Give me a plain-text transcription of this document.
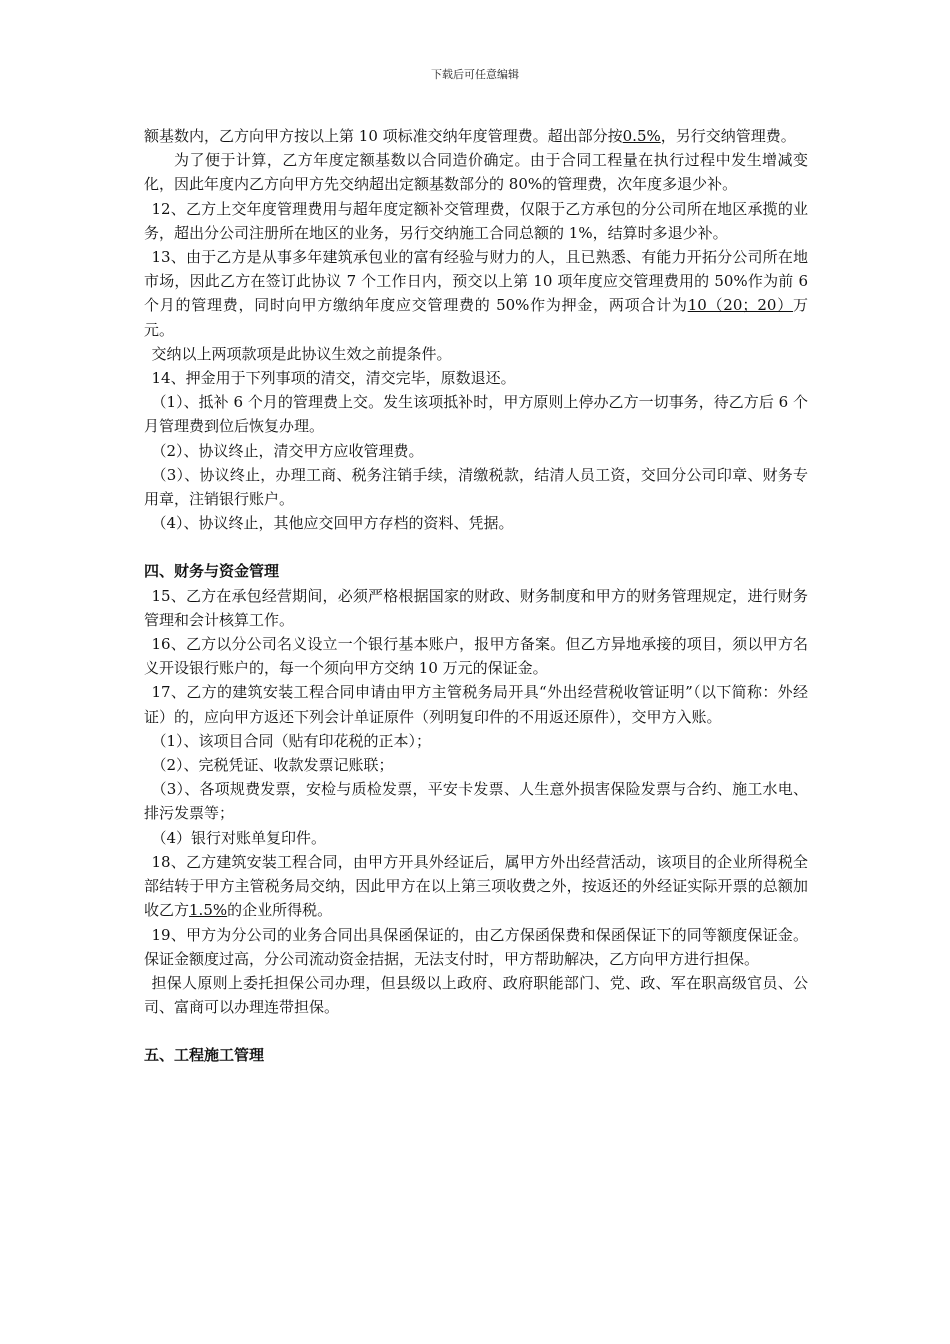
下载后可任意编辑

额基数内，乙方向甲方按以上第 10 项标准交纳年度管理费。超出部分按0.5%，另行交纳管理费。

为了便于计算，乙方年度定额基数以合同造价确定。由于合同工程量在执行过程中发生增减变化，因此年度内乙方向甲方先交纳超出定额基数部分的 80%的管理费，次年度多退少补。

12、乙方上交年度管理费用与超年度定额补交管理费，仅限于乙方承包的分公司所在地区承揽的业务，超出分公司注册所在地区的业务，另行交纳施工合同总额的 1%，结算时多退少补。

13、由于乙方是从事多年建筑承包业的富有经验与财力的人，且已熟悉、有能力开拓分公司所在地市场，因此乙方在签订此协议 7 个工作日内，预交以上第 10 项年度应交管理费用的 50%作为前 6 个月的管理费，同时向甲方缴纳年度应交管理费的 50%作为押金，两项合计为10（20；20）万元。

交纳以上两项款项是此协议生效之前提条件。

14、押金用于下列事项的清交，清交完毕，原数退还。

（1）、抵补 6 个月的管理费上交。发生该项抵补时，甲方原则上停办乙方一切事务，待乙方后 6 个月管理费到位后恢复办理。

（2）、协议终止，清交甲方应收管理费。

（3）、协议终止，办理工商、税务注销手续，清缴税款，结清人员工资，交回分公司印章、财务专用章，注销银行账户。

（4）、协议终止，其他应交回甲方存档的资料、凭据。

四、财务与资金管理

15、乙方在承包经营期间，必须严格根据国家的财政、财务制度和甲方的财务管理规定，进行财务管理和会计核算工作。

16、乙方以分公司名义设立一个银行基本账户，报甲方备案。但乙方异地承接的项目，须以甲方名义开设银行账户的，每一个须向甲方交纳 10 万元的保证金。

17、乙方的建筑安装工程合同申请由甲方主管税务局开具“外出经营税收管证明”（以下简称：外经证）的，应向甲方返还下列会计单证原件（列明复印件的不用返还原件），交甲方入账。

（1）、该项目合同（贴有印花税的正本）；

（2）、完税凭证、收款发票记账联；

（3）、各项规费发票，安检与质检发票，平安卡发票、人生意外损害保险发票与合约、施工水电、排污发票等；

（4）银行对账单复印件。

18、乙方建筑安装工程合同，由甲方开具外经证后，属甲方外出经营活动，该项目的企业所得税全部结转于甲方主管税务局交纳，因此甲方在以上第三项收费之外，按返还的外经证实际开票的总额加收乙方1.5%的企业所得税。

19、甲方为分公司的业务合同出具保函保证的，由乙方保函保费和保函保证下的同等额度保证金。保证金额度过高，分公司流动资金拮据，无法支付时，甲方帮助解决，乙方向甲方进行担保。

担保人原则上委托担保公司办理，但县级以上政府、政府职能部门、党、政、军在职高级官员、公司、富商可以办理连带担保。

五、工程施工管理
